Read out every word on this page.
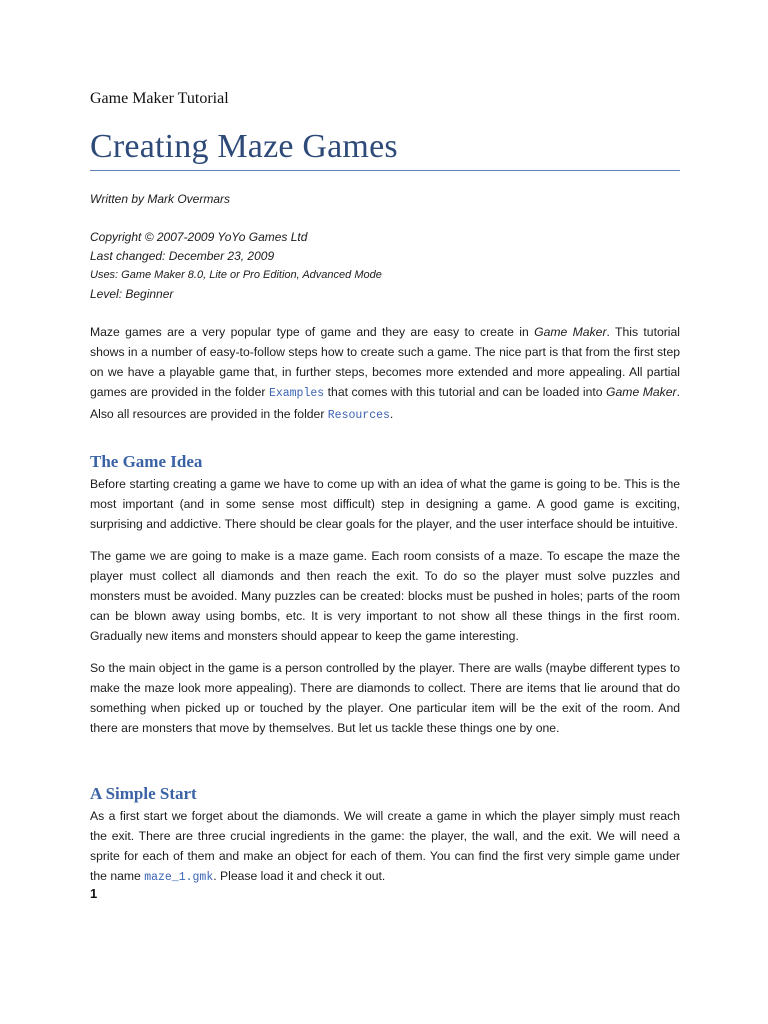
Game Maker Tutorial
Creating Maze Games
Written by Mark Overmars
Copyright © 2007-2009 YoYo Games Ltd
Last changed: December 23, 2009
Uses: Game Maker 8.0, Lite or Pro Edition, Advanced Mode
Level: Beginner

Maze games are a very popular type of game and they are easy to create in Game Maker. This tutorial shows in a number of easy-to-follow steps how to create such a game. The nice part is that from the first step on we have a playable game that, in further steps, becomes more extended and more appealing. All partial games are provided in the folder Examples that comes with this tutorial and can be loaded into Game Maker. Also all resources are provided in the folder Resources.

The Game Idea

Before starting creating a game we have to come up with an idea of what the game is going to be. This is the most important (and in some sense most difficult) step in designing a game. A good game is exciting, surprising and addictive. There should be clear goals for the player, and the user interface should be intuitive.

The game we are going to make is a maze game. Each room consists of a maze. To escape the maze the player must collect all diamonds and then reach the exit. To do so the player must solve puzzles and monsters must be avoided. Many puzzles can be created: blocks must be pushed in holes; parts of the room can be blown away using bombs, etc. It is very important to not show all these things in the first room. Gradually new items and monsters should appear to keep the game interesting.

So the main object in the game is a person controlled by the player. There are walls (maybe different types to make the maze look more appealing). There are diamonds to collect. There are items that lie around that do something when picked up or touched by the player. One particular item will be the exit of the room. And there are monsters that move by themselves. But let us tackle these things one by one.

A Simple Start

As a first start we forget about the diamonds. We will create a game in which the player simply must reach the exit. There are three crucial ingredients in the game: the player, the wall, and the exit. We will need a sprite for each of them and make an object for each of them. You can find the first very simple game under the name maze_1.gmk. Please load it and check it out.

1
